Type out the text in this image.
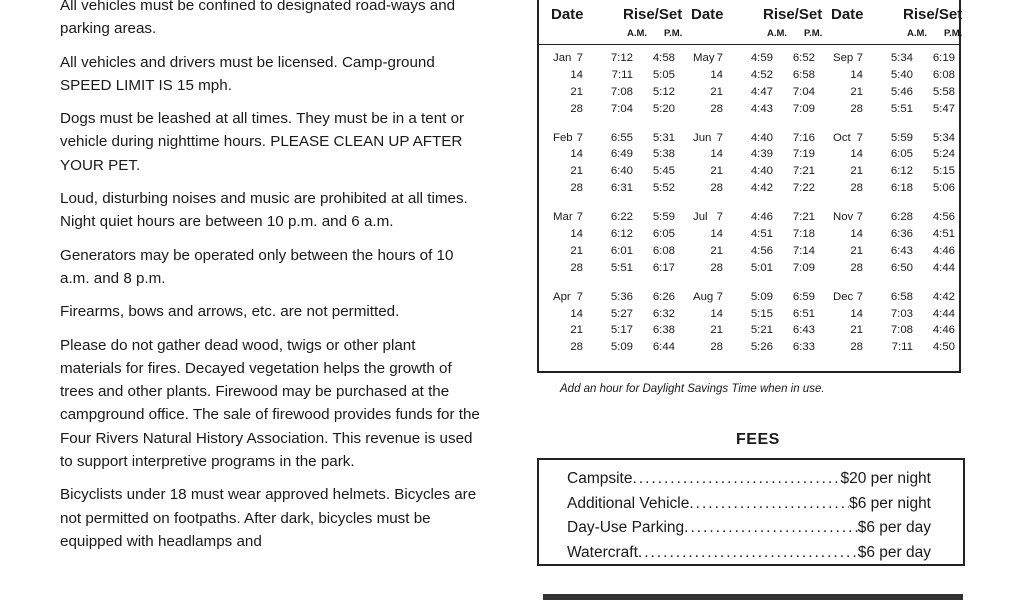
All vehicles must be confined to designated road-ways and parking areas.

All vehicles and drivers must be licensed. Camp-ground SPEED LIMIT IS 15 mph.

Dogs must be leashed at all times. They must be in a tent or vehicle during nighttime hours. PLEASE CLEAN UP AFTER YOUR PET.

Loud, disturbing noises and music are prohibited at all times. Night quiet hours are between 10 p.m. and 6 a.m.

Generators may be operated only between the hours of 10 a.m. and 8 p.m.

Firearms, bows and arrows, etc. are not permitted.

Please do not gather dead wood, twigs or other plant materials for fires. Decayed vegetation helps the growth of trees and other plants. Firewood may be purchased at the campground office. The sale of firewood provides funds for the Four Rivers Natural History Association. This revenue is used to support interpretive programs in the park.

Bicyclists under 18 must wear approved helmets. Bicycles are not permitted on footpaths. After dark, bicycles must be equipped with headlamps and

Date	Rise/Set
A.M. P.M.
Date	Rise/Set
A.M. P.M.
Date	Rise/Set
A.M. P.M.
Jan 7 7:12 4:58
14	7:11 5:05
21 7:08 5:12
28 7:04 5:20
Feb 7 6:55 5:31
14 6:49 5:38
21 6:40 5:45
28 6:31 5:52
Mar 7 6:22 5:59
14 6:12 6:05
21 6:01 6:08
28 5:51 6:17
Apr 7 5:36 6:26
14 5:27 6:32
21 5:17 6:38
28 5:09 6:44
May 7 4:59 6:52
14 4:52 6:58
21 4:47 7:04
28 4:43 7:09
Jun 7 4:40 7:16
14 4:39 7:19
21 4:40 7:21
28 4:42 7:22
Jul 7 4:46 7:21
14 4:51 7:18
21 4:56 7:14
28 5:01 7:09
Aug 7 5:09 6:59
14 5:15 6:51
21 5:21 6:43
28 5:26 6:33
Sep 7 5:34 6:19
14 5:40 6:08
21 5:46 5:58
28 5:51 5:47
Oct 7 5:59 5:34
14 6:05 5:24
21 6:12 5:15
28 6:18 5:06
Nov 7 6:28 4:56
14 6:36 4:51
21 6:43 4:46
28 6:50 4:44
Dec 7 6:58 4:42
14 7:03 4:44
21 7:08 4:46
28	7:11 4:50
Add an hour for Daylight Savings Time when in use.
FEES
Campsite .....	$20 per night
Additional Vehicle .....	$6 per night
Day-Use Parking .....	$6 per day
Watercraft .....	$6 per day
